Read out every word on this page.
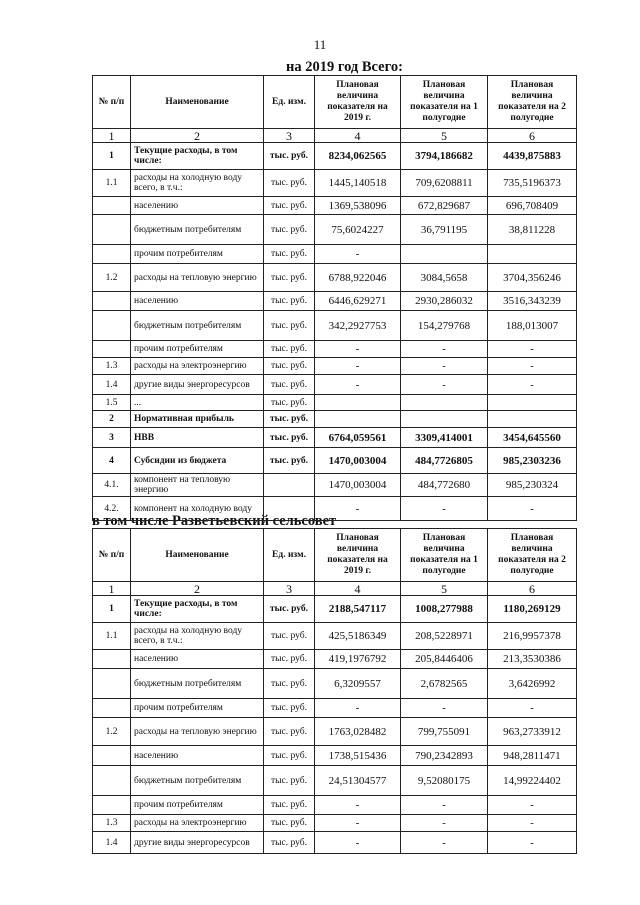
11
на 2019 год Всего:
в том числе Разветьевский сельсовет
№ п/п	Наименование	Ед. изм.	Плановая величина показателя на 2019 г.	Плановая величина показателя на 1 полугодие	Плановая величина показателя на 2 полугодие
1	2	3	4	5	6
1	Текущие расходы, в том числе:	тыс. руб.	8234,062565	3794,186682	4439,875883
1.1	расходы на холодную воду всего, в т.ч.:	тыс. руб.	1445,140518	709,6208811	735,5196373
	населению	тыс. руб.	1369,538096	672,829687	696,708409
	бюджетным потребителям	тыс. руб.	75,6024227	36,791195	38,811228
	прочим потребителям	тыс. руб.	-		
1.2	расходы на тепловую энергию	тыс. руб.	6788,922046	3084,5658	3704,356246
	населению	тыс. руб.	6446,629271	2930,286032	3516,343239
	бюджетным потребителям	тыс. руб.	342,2927753	154,279768	188,013007
	прочим потребителям	тыс. руб.	-	-	-
1.3	расходы на электроэнергию	тыс. руб.	-	-	-
1.4	другие виды энергоресурсов	тыс. руб.	-	-	-
1.5	...	тыс. руб.			
2	Нормативная прибыль	тыс. руб.			
3	НВВ	тыс. руб.	6764,059561	3309,414001	3454,645560
4	Субсидии из бюджета	тыс. руб.	1470,003004	484,7726805	985,2303236
4.1.	компонент на тепловую энергию		1470,003004	484,772680	985,230324
4.2.	компонент на холодную воду		-	-	-
№ п/п	Наименование	Ед. изм.	Плановая величина показателя на 2019 г.	Плановая величина показателя на 1 полугодие	Плановая величина показателя на 2 полугодие
1	2	3	4	5	6
1	Текущие расходы, в том числе:	тыс. руб.	2188,547117	1008,277988	1180,269129
1.1	расходы на холодную воду всего, в т.ч.:	тыс. руб.	425,5186349	208,5228971	216,9957378
	населению	тыс. руб.	419,1976792	205,8446406	213,3530386
	бюджетным потребителям	тыс. руб.	6,3209557	2,6782565	3,6426992
	прочим потребителям	тыс. руб.	-	-	-
1.2	расходы на тепловую энергию	тыс. руб.	1763,028482	799,755091	963,2733912
	населению	тыс. руб.	1738,515436	790,2342893	948,2811471
	бюджетным потребителям	тыс. руб.	24,51304577	9,52080175	14,99224402
	прочим потребителям	тыс. руб.	-	-	-
1.3	расходы на электроэнергию	тыс. руб.	-	-	-
1.4	другие виды энергоресурсов	тыс. руб.	-	-	-
